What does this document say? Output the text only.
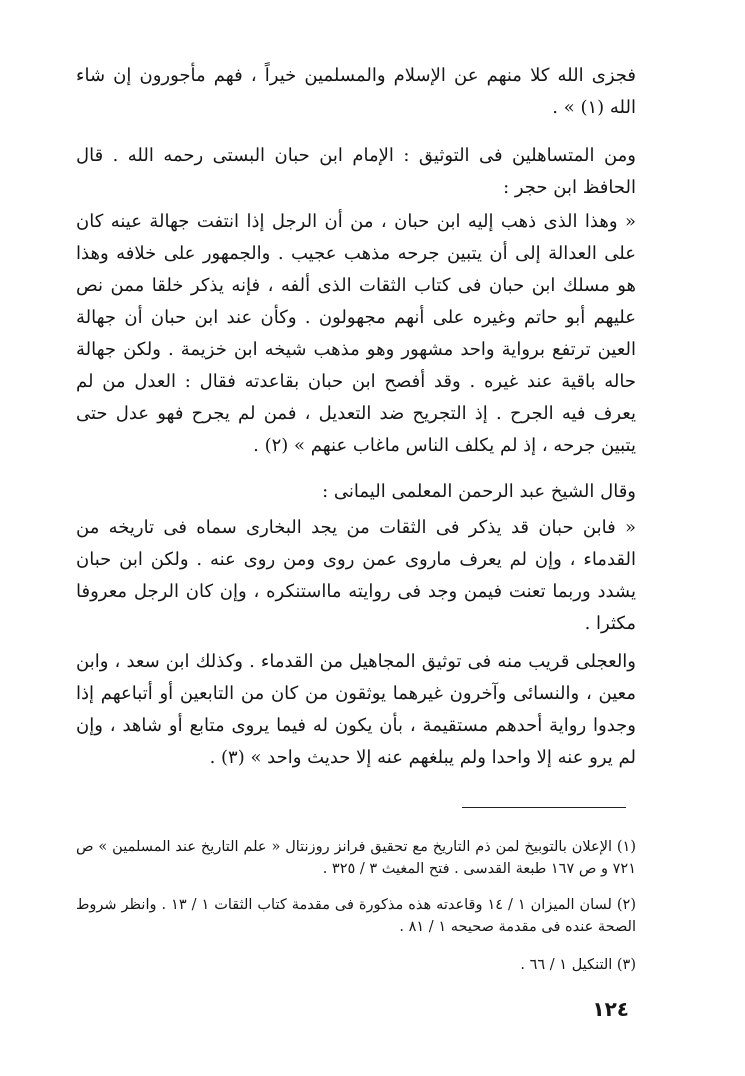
فجزى الله كلا منهم عن الإسلام والمسلمين خيراً ، فهم مأجورون إن شاء الله (١) » .

ومن المتساهلين فى التوثيق : الإمام ابن حبان البستى رحمه الله . قال الحافظ ابن حجر :

« وهذا الذى ذهب إليه ابن حبان ، من أن الرجل إذا انتفت جهالة عينه كان على العدالة إلى أن يتبين جرحه مذهب عجيب . والجمهور على خلافه وهذا هو مسلك ابن حبان فى كتاب الثقات الذى ألفه ، فإنه يذكر خلقا ممن نص عليهم أبو حاتم وغيره على أنهم مجهولون . وكأن عند ابن حبان أن جهالة العين ترتفع برواية واحد مشهور وهو مذهب شيخه ابن خزيمة . ولكن جهالة حاله باقية عند غيره . وقد أفصح ابن حبان بقاعدته فقال : العدل من لم يعرف فيه الجرح . إذ التجريح ضد التعديل ، فمن لم يجرح فهو عدل حتى يتبين جرحه ، إذ لم يكلف الناس ماغاب عنهم » (٢) .

وقال الشيخ عبد الرحمن المعلمى اليمانى :

« فابن حبان قد يذكر فى الثقات من يجد البخارى سماه فى تاريخه من القدماء ، وإن لم يعرف ماروى عمن روى ومن روى عنه . ولكن ابن حبان يشدد وربما تعنت فيمن وجد فى روايته مااستنكره ، وإن كان الرجل معروفا مكثرا .

والعجلى قريب منه فى توثيق المجاهيل من القدماء . وكذلك ابن سعد ، وابن معين ، والنسائى وآخرون غيرهما يوثقون من كان من التابعين أو أتباعهم إذا وجدوا رواية أحدهم مستقيمة ، بأن يكون له فيما يروى متابع أو شاهد ، وإن لم يرو عنه إلا واحدا ولم يبلغهم عنه إلا حديث واحد » (٣) .

(١) الإعلان بالتوبيخ لمن ذم التاريخ مع تحقيق فرانز روزنتال « علم التاريخ عند المسلمين » ص ٧٢١ و ص ١٦٧ طبعة القدسى . فتح المغيث ٣ / ٣٢٥ .

(٢) لسان الميزان ١ / ١٤ وقاعدته هذه مذكورة فى مقدمة كتاب الثقات ١ / ١٣ . وانظر شروط الصحة عنده فى مقدمة صحيحه ١ / ٨١ .

(٣) التنكيل ١ / ٦٦ .

١٢٤
